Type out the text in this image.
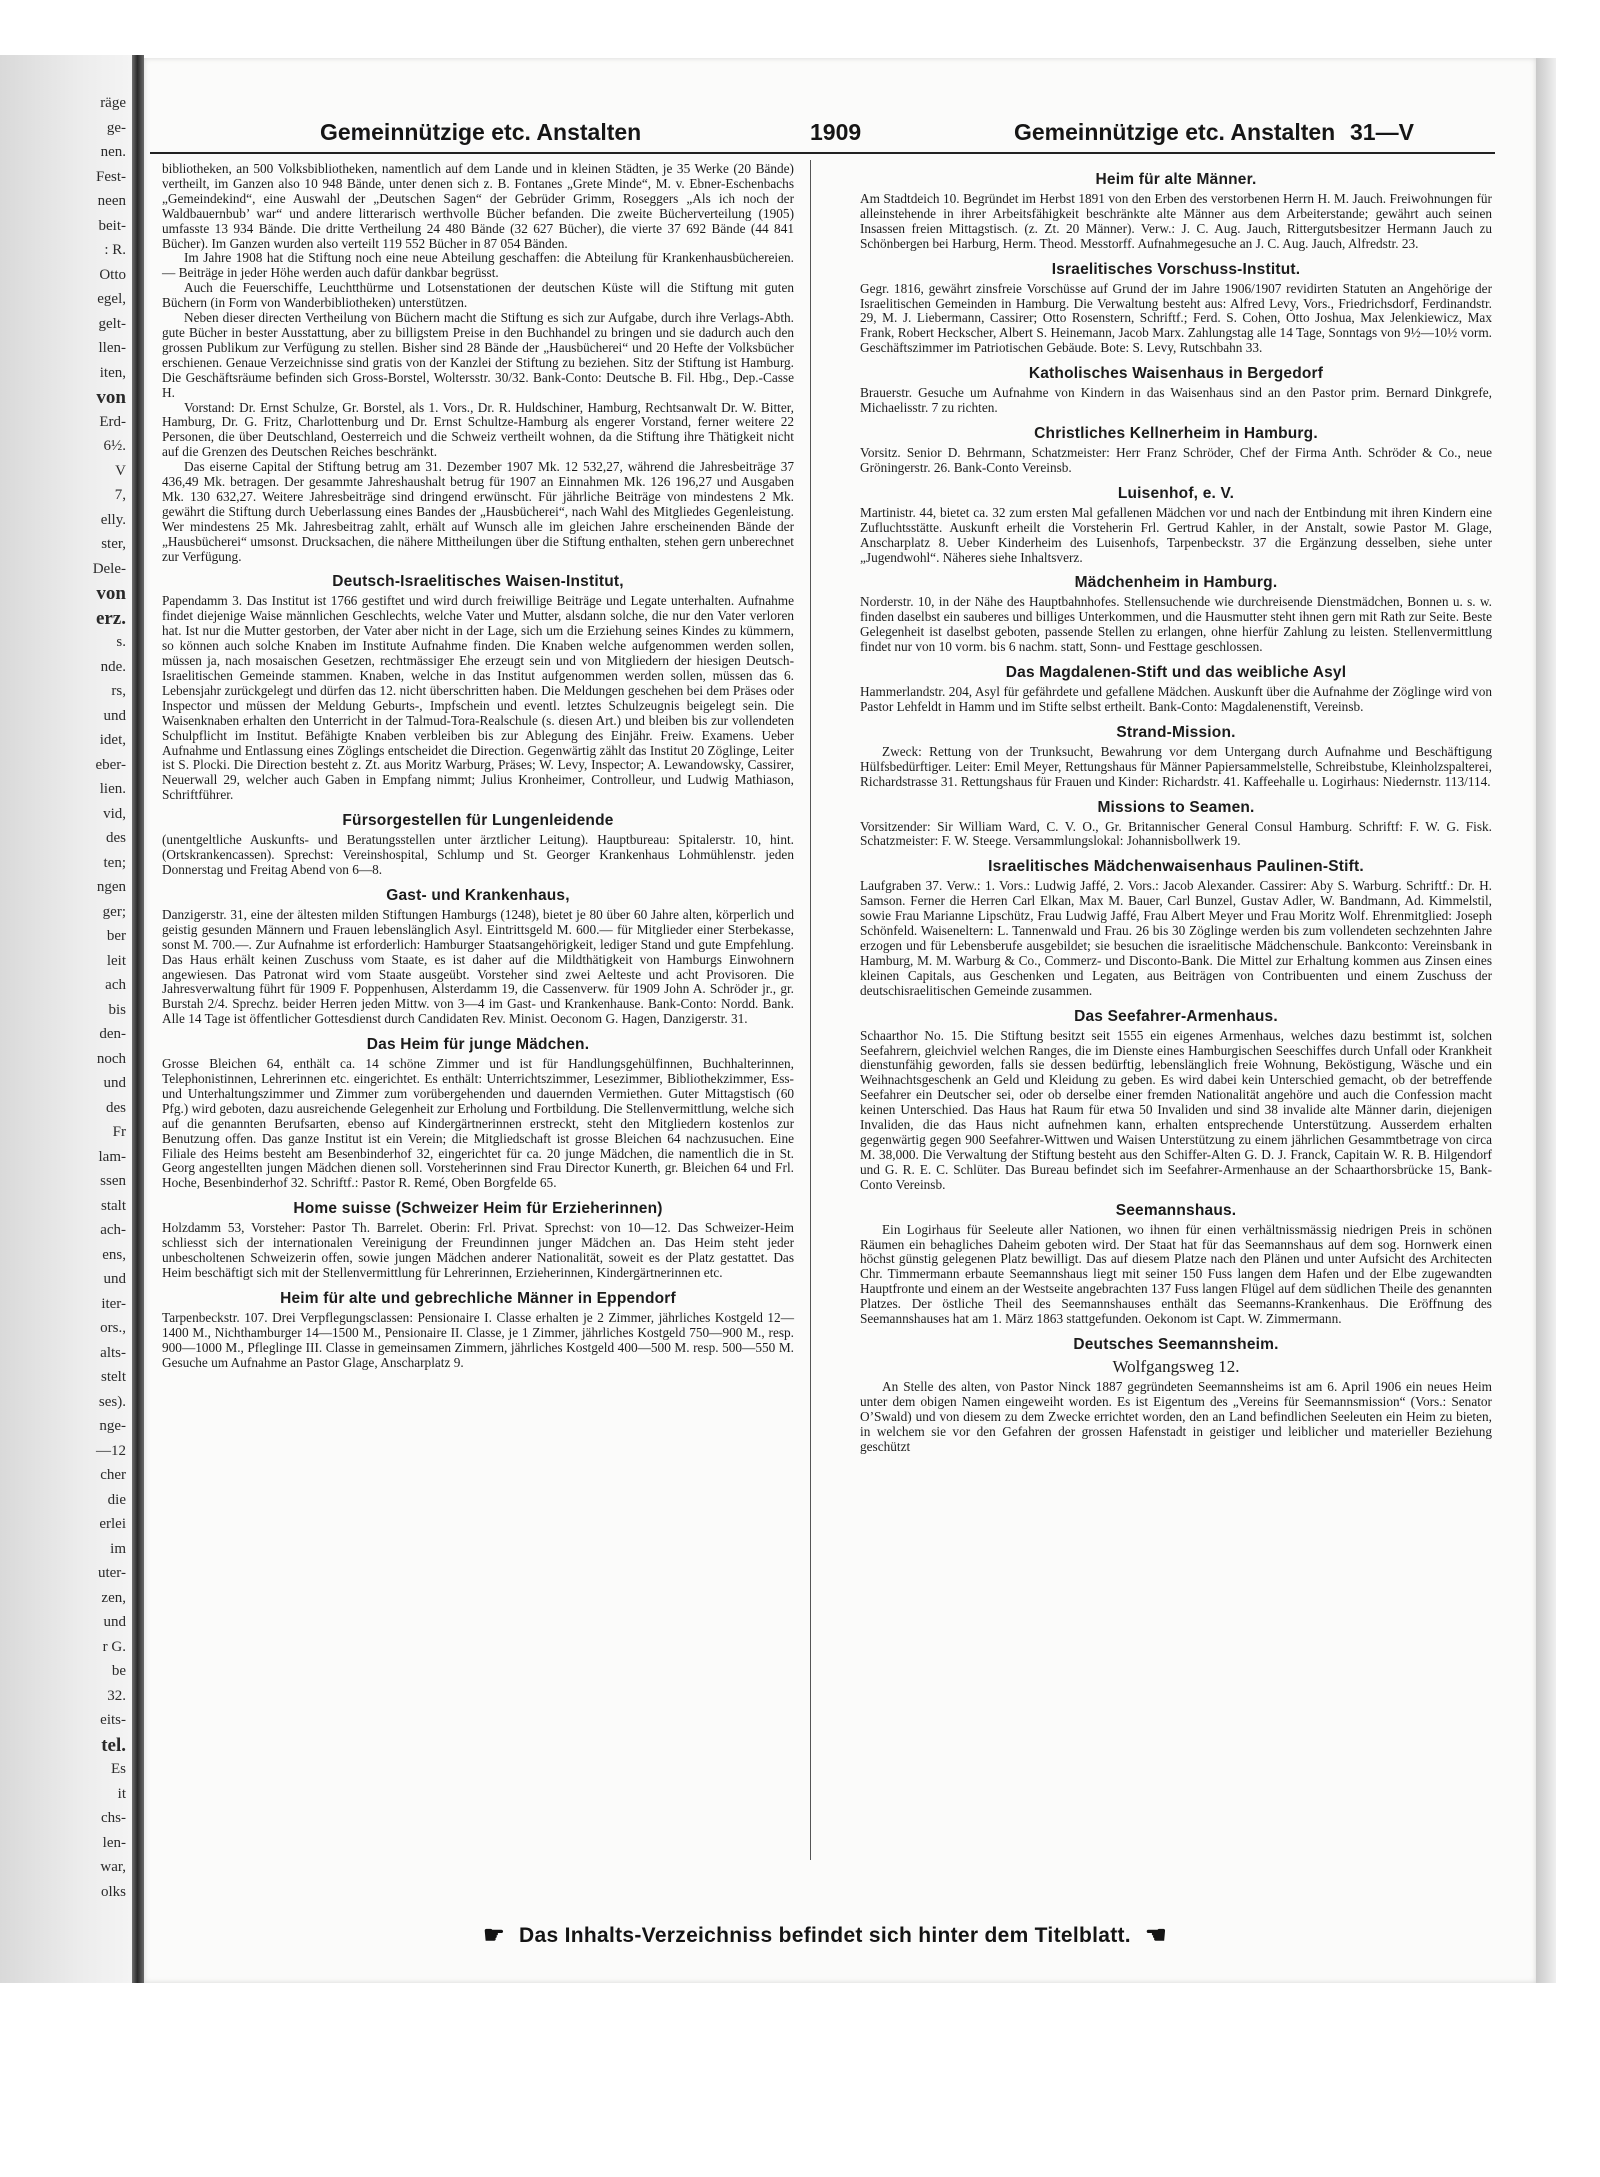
räge
ge-
nen.
Fest-
neen
beit-
: R.
Otto
egel,
gelt-
llen-
iten,
von
Erd-
6½.
V
7,
elly.
ster,
Dele-
von
erz.
s.
nde.
rs,
und
idet,
eber-
lien.
vid,
des
ten;
ngen
ger;
ber
leit
ach
bis
den-
noch
und
des
Fr
lam-
ssen
stalt
ach-
ens,
und
iter-
ors.,
alts-
stelt
ses).
nge-
—12
cher
die
erlei
im
uter-
zen,
und
r G.
be
32.
eits-
tel.
Es
it
chs-
len-
war,
olks
Gemeinnützige etc. Anstalten	1909	Gemeinnützige etc. Anstalten 31—V

bibliotheken, an 500 Volksbibliotheken, namentlich auf dem Lande und in kleinen Städten, je 35 Werke (20 Bände) vertheilt, im Ganzen also 10 948 Bände, unter denen sich z. B. Fontanes „Grete Minde“, M. v. Ebner-Eschenbachs „Gemeindekind“, eine Auswahl der „Deutschen Sagen“ der Gebrüder Grimm, Roseggers „Als ich noch der Waldbauernbub’ war“ und andere litterarisch werthvolle Bücher befanden. Die zweite Bücherverteilung (1905) umfasste 13 934 Bände. Die dritte Vertheilung 24 480 Bände (32 627 Bücher), die vierte 37 692 Bände (44 841 Bücher). Im Ganzen wurden also verteilt 119 552 Bücher in 87 054 Bänden.

Im Jahre 1908 hat die Stiftung noch eine neue Abteilung geschaffen: die Abteilung für Krankenhausbüchereien. — Beiträge in jeder Höhe werden auch dafür dankbar begrüsst.

Auch die Feuerschiffe, Leuchtthürme und Lotsenstationen der deutschen Küste will die Stiftung mit guten Büchern (in Form von Wanderbibliotheken) unterstützen.

Neben dieser directen Vertheilung von Büchern macht die Stiftung es sich zur Aufgabe, durch ihre Verlags-Abth. gute Bücher in bester Ausstattung, aber zu billigstem Preise in den Buchhandel zu bringen und sie dadurch auch den grossen Publikum zur Verfügung zu stellen. Bisher sind 28 Bände der „Hausbücherei“ und 20 Hefte der Volksbücher erschienen. Genaue Verzeichnisse sind gratis von der Kanzlei der Stiftung zu beziehen. Sitz der Stiftung ist Hamburg. Die Geschäftsräume befinden sich Gross-Borstel, Woltersstr. 30/32. Bank-Conto: Deutsche B. Fil. Hbg., Dep.-Casse H.

Vorstand: Dr. Ernst Schulze, Gr. Borstel, als 1. Vors., Dr. R. Huldschiner, Hamburg, Rechtsanwalt Dr. W. Bitter, Hamburg, Dr. G. Fritz, Charlottenburg und Dr. Ernst Schultze-Hamburg als engerer Vorstand, ferner weitere 22 Personen, die über Deutschland, Oesterreich und die Schweiz vertheilt wohnen, da die Stiftung ihre Thätigkeit nicht auf die Grenzen des Deutschen Reiches beschränkt.

Das eiserne Capital der Stiftung betrug am 31. Dezember 1907 Mk. 12 532,27, während die Jahresbeiträge 37 436,49 Mk. betragen. Der gesammte Jahreshaushalt betrug für 1907 an Einnahmen Mk. 126 196,27 und Ausgaben Mk. 130 632,27. Weitere Jahresbeiträge sind dringend erwünscht. Für jährliche Beiträge von mindestens 2 Mk. gewährt die Stiftung durch Ueberlassung eines Bandes der „Hausbücherei“, nach Wahl des Mitgliedes Gegenleistung. Wer mindestens 25 Mk. Jahresbeitrag zahlt, erhält auf Wunsch alle im gleichen Jahre erscheinenden Bände der „Hausbücherei“ umsonst. Drucksachen, die nähere Mittheilungen über die Stiftung enthalten, stehen gern unberechnet zur Verfügung.

Deutsch-Israelitisches Waisen-Institut,

Papendamm 3. Das Institut ist 1766 gestiftet und wird durch freiwillige Beiträge und Legate unterhalten. Aufnahme findet diejenige Waise männlichen Geschlechts, welche Vater und Mutter, alsdann solche, die nur den Vater verloren hat. Ist nur die Mutter gestorben, der Vater aber nicht in der Lage, sich um die Erziehung seines Kindes zu kümmern, so können auch solche Knaben im Institute Aufnahme finden. Die Knaben welche aufgenommen werden sollen, müssen ja, nach mosaischen Gesetzen, rechtmässiger Ehe erzeugt sein und von Mitgliedern der hiesigen Deutsch-Israelitischen Gemeinde stammen. Knaben, welche in das Institut aufgenommen werden sollen, müssen das 6. Lebensjahr zurückgelegt und dürfen das 12. nicht überschritten haben. Die Meldungen geschehen bei dem Präses oder Inspector und müssen der Meldung Geburts-, Impfschein und eventl. letztes Schulzeugnis beigelegt sein. Die Waisenknaben erhalten den Unterricht in der Talmud-Tora-Realschule (s. diesen Art.) und bleiben bis zur vollendeten Schulpflicht im Institut. Befähigte Knaben verbleiben bis zur Ablegung des Einjähr. Freiw. Examens. Ueber Aufnahme und Entlassung eines Zöglings entscheidet die Direction. Gegenwärtig zählt das Institut 20 Zöglinge, Leiter ist S. Plocki. Die Direction besteht z. Zt. aus Moritz Warburg, Präses; W. Levy, Inspector; A. Lewandowsky, Cassirer, Neuerwall 29, welcher auch Gaben in Empfang nimmt; Julius Kronheimer, Controlleur, und Ludwig Mathiason, Schriftführer.

Fürsorgestellen für Lungenleidende

(unentgeltliche Auskunfts- und Beratungsstellen unter ärztlicher Leitung). Hauptbureau: Spitalerstr. 10, hint. (Ortskrankencassen). Sprechst: Vereinshospital, Schlump und St. Georger Krankenhaus Lohmühlenstr. jeden Donnerstag und Freitag Abend von 6—8.

Gast- und Krankenhaus,

Danzigerstr. 31, eine der ältesten milden Stiftungen Hamburgs (1248), bietet je 80 über 60 Jahre alten, körperlich und geistig gesunden Männern und Frauen lebenslänglich Asyl. Eintrittsgeld M. 600.— für Mitglieder einer Sterbekasse, sonst M. 700.—. Zur Aufnahme ist erforderlich: Hamburger Staatsangehörigkeit, lediger Stand und gute Empfehlung. Das Haus erhält keinen Zuschuss vom Staate, es ist daher auf die Mildthätigkeit von Hamburgs Einwohnern angewiesen. Das Patronat wird vom Staate ausgeübt. Vorsteher sind zwei Aelteste und acht Provisoren. Die Jahresverwaltung führt für 1909 F. Poppenhusen, Alsterdamm 19, die Cassenverw. für 1909 John A. Schröder jr., gr. Burstah 2/4. Sprechz. beider Herren jeden Mittw. von 3—4 im Gast- und Krankenhause. Bank-Conto: Nordd. Bank. Alle 14 Tage ist öffentlicher Gottesdienst durch Candidaten Rev. Minist. Oeconom G. Hagen, Danzigerstr. 31.

Das Heim für junge Mädchen.

Grosse Bleichen 64, enthält ca. 14 schöne Zimmer und ist für Handlungsgehülfinnen, Buchhalterinnen, Telephonistinnen, Lehrerinnen etc. eingerichtet. Es enthält: Unterrichtszimmer, Lesezimmer, Bibliothekzimmer, Ess- und Unterhaltungszimmer und Zimmer zum vorübergehenden und dauernden Vermiethen. Guter Mittagstisch (60 Pfg.) wird geboten, dazu ausreichende Gelegenheit zur Erholung und Fortbildung. Die Stellenvermittlung, welche sich auf die genannten Berufsarten, ebenso auf Kindergärtnerinnen erstreckt, steht den Mitgliedern kostenlos zur Benutzung offen. Das ganze Institut ist ein Verein; die Mitgliedschaft ist grosse Bleichen 64 nachzusuchen. Eine Filiale des Heims besteht am Besenbinderhof 32, eingerichtet für ca. 20 junge Mädchen, die namentlich die in St. Georg angestellten jungen Mädchen dienen soll. Vorsteherinnen sind Frau Director Kunerth, gr. Bleichen 64 und Frl. Hoche, Besenbinderhof 32. Schriftf.: Pastor R. Remé, Oben Borgfelde 65.

Home suisse (Schweizer Heim für Erzieherinnen)

Holzdamm 53, Vorsteher: Pastor Th. Barrelet. Oberin: Frl. Privat. Sprechst: von 10—12. Das Schweizer-Heim schliesst sich der internationalen Vereinigung der Freundinnen junger Mädchen an. Das Heim steht jeder unbescholtenen Schweizerin offen, sowie jungen Mädchen anderer Nationalität, soweit es der Platz gestattet. Das Heim beschäftigt sich mit der Stellenvermittlung für Lehrerinnen, Erzieherinnen, Kindergärtnerinnen etc.

Heim für alte und gebrechliche Männer in Eppendorf

Tarpenbeckstr. 107. Drei Verpflegungsclassen: Pensionaire I. Classe erhalten je 2 Zimmer, jährliches Kostgeld 12—1400 M., Nichthamburger 14—1500 M., Pensionaire II. Classe, je 1 Zimmer, jährliches Kostgeld 750—900 M., resp. 900—1000 M., Pfleglinge III. Classe in gemeinsamen Zimmern, jährliches Kostgeld 400—500 M. resp. 500—550 M. Gesuche um Aufnahme an Pastor Glage, Anscharplatz 9.

Heim für alte Männer.

Am Stadtdeich 10. Begründet im Herbst 1891 von den Erben des verstorbenen Herrn H. M. Jauch. Freiwohnungen für alleinstehende in ihrer Arbeitsfähigkeit beschränkte alte Männer aus dem Arbeiterstande; gewährt auch seinen Insassen freien Mittagstisch. (z. Zt. 20 Männer). Verw.: J. C. Aug. Jauch, Rittergutsbesitzer Hermann Jauch zu Schönbergen bei Harburg, Herm. Theod. Messtorff. Aufnahmegesuche an J. C. Aug. Jauch, Alfredstr. 23.

Israelitisches Vorschuss-Institut.

Gegr. 1816, gewährt zinsfreie Vorschüsse auf Grund der im Jahre 1906/1907 revidirten Statuten an Angehörige der Israelitischen Gemeinden in Hamburg. Die Verwaltung besteht aus: Alfred Levy, Vors., Friedrichsdorf, Ferdinandstr. 29, M. J. Liebermann, Cassirer; Otto Rosenstern, Schriftf.; Ferd. S. Cohen, Otto Joshua, Max Jelenkiewicz, Max Frank, Robert Heckscher, Albert S. Heinemann, Jacob Marx. Zahlungstag alle 14 Tage, Sonntags von 9½—10½ vorm. Geschäftszimmer im Patriotischen Gebäude. Bote: S. Levy, Rutschbahn 33.

Katholisches Waisenhaus in Bergedorf

Brauerstr. Gesuche um Aufnahme von Kindern in das Waisenhaus sind an den Pastor prim. Bernard Dinkgrefe, Michaelisstr. 7 zu richten.

Christliches Kellnerheim in Hamburg.

Vorsitz. Senior D. Behrmann, Schatzmeister: Herr Franz Schröder, Chef der Firma Anth. Schröder & Co., neue Gröningerstr. 26. Bank-Conto Vereinsb.

Luisenhof, e. V.

Martinistr. 44, bietet ca. 32 zum ersten Mal gefallenen Mädchen vor und nach der Entbindung mit ihren Kindern eine Zufluchtsstätte. Auskunft erheilt die Vorsteherin Frl. Gertrud Kahler, in der Anstalt, sowie Pastor M. Glage, Anscharplatz 8. Ueber Kinderheim des Luisenhofs, Tarpenbeckstr. 37 die Ergänzung desselben, siehe unter „Jugendwohl“. Näheres siehe Inhaltsverz.

Mädchenheim in Hamburg.

Norderstr. 10, in der Nähe des Hauptbahnhofes. Stellensuchende wie durchreisende Dienstmädchen, Bonnen u. s. w. finden daselbst ein sauberes und billiges Unterkommen, und die Hausmutter steht ihnen gern mit Rath zur Seite. Beste Gelegenheit ist daselbst geboten, passende Stellen zu erlangen, ohne hierfür Zahlung zu leisten. Stellenvermittlung findet nur von 10 vorm. bis 6 nachm. statt, Sonn- und Festtage geschlossen.

Das Magdalenen-Stift und das weibliche Asyl

Hammerlandstr. 204, Asyl für gefährdete und gefallene Mädchen. Auskunft über die Aufnahme der Zöglinge wird von Pastor Lehfeldt in Hamm und im Stifte selbst ertheilt. Bank-Conto: Magdalenenstift, Vereinsb.

Strand-Mission.

Zweck: Rettung von der Trunksucht, Bewahrung vor dem Untergang durch Aufnahme und Beschäftigung Hülfsbedürftiger. Leiter: Emil Meyer, Rettungshaus für Männer Papiersammelstelle, Schreibstube, Kleinholzspalterei, Richardstrasse 31. Rettungshaus für Frauen und Kinder: Richardstr. 41. Kaffeehalle u. Logirhaus: Niedernstr. 113/114.

Missions to Seamen.

Vorsitzender: Sir William Ward, C. V. O., Gr. Britannischer General Consul Hamburg. Schriftf: F. W. G. Fisk. Schatzmeister: F. W. Steege. Versammlungslokal: Johannisbollwerk 19.

Israelitisches Mädchenwaisenhaus Paulinen-Stift.

Laufgraben 37. Verw.: 1. Vors.: Ludwig Jaffé, 2. Vors.: Jacob Alexander. Cassirer: Aby S. Warburg. Schriftf.: Dr. H. Samson. Ferner die Herren Carl Elkan, Max M. Bauer, Carl Bunzel, Gustav Adler, W. Bandmann, Ad. Kimmelstil, sowie Frau Marianne Lipschütz, Frau Ludwig Jaffé, Frau Albert Meyer und Frau Moritz Wolf. Ehrenmitglied: Joseph Schönfeld. Waiseneltern: L. Tannenwald und Frau. 26 bis 30 Zöglinge werden bis zum vollendeten sechzehnten Jahre erzogen und für Lebensberufe ausgebildet; sie besuchen die israelitische Mädchenschule. Bankconto: Vereinsbank in Hamburg, M. M. Warburg & Co., Commerz- und Disconto-Bank. Die Mittel zur Erhaltung kommen aus Zinsen eines kleinen Capitals, aus Geschenken und Legaten, aus Beiträgen von Contribuenten und einem Zuschuss der deutschisraelitischen Gemeinde zusammen.

Das Seefahrer-Armenhaus.

Schaarthor No. 15. Die Stiftung besitzt seit 1555 ein eigenes Armenhaus, welches dazu bestimmt ist, solchen Seefahrern, gleichviel welchen Ranges, die im Dienste eines Hamburgischen Seeschiffes durch Unfall oder Krankheit dienstunfähig geworden, falls sie dessen bedürftig, lebenslänglich freie Wohnung, Beköstigung, Wäsche und ein Weihnachtsgeschenk an Geld und Kleidung zu geben. Es wird dabei kein Unterschied gemacht, ob der betreffende Seefahrer ein Deutscher sei, oder ob derselbe einer fremden Nationalität angehöre und auch die Confession macht keinen Unterschied. Das Haus hat Raum für etwa 50 Invaliden und sind 38 invalide alte Männer darin, diejenigen Invaliden, die das Haus nicht aufnehmen kann, erhalten entsprechende Unterstützung. Ausserdem erhalten gegenwärtig gegen 900 Seefahrer-Wittwen und Waisen Unterstützung zu einem jährlichen Gesammtbetrage von circa M. 38,000. Die Verwaltung der Stiftung besteht aus den Schiffer-Alten G. D. J. Franck, Capitain W. R. B. Hilgendorf und G. R. E. C. Schlüter. Das Bureau befindet sich im Seefahrer-Armenhause an der Schaarthorsbrücke 15, Bank-Conto Vereinsb.

Seemannshaus.

Ein Logirhaus für Seeleute aller Nationen, wo ihnen für einen verhältnissmässig niedrigen Preis in schönen Räumen ein behagliches Daheim geboten wird. Der Staat hat für das Seemannshaus auf dem sog. Hornwerk einen höchst günstig gelegenen Platz bewilligt. Das auf diesem Platze nach den Plänen und unter Aufsicht des Architecten Chr. Timmermann erbaute Seemannshaus liegt mit seiner 150 Fuss langen dem Hafen und der Elbe zugewandten Hauptfronte und einem an der Westseite angebrachten 137 Fuss langen Flügel auf dem südlichen Theile des genannten Platzes. Der östliche Theil des Seemannshauses enthält das Seemanns-Krankenhaus. Die Eröffnung des Seemannshauses hat am 1. März 1863 stattgefunden. Oekonom ist Capt. W. Zimmermann.

Deutsches Seemannsheim.
Wolfgangsweg 12.

An Stelle des alten, von Pastor Ninck 1887 gegründeten Seemannsheims ist am 6. April 1906 ein neues Heim unter dem obigen Namen eingeweiht worden. Es ist Eigentum des „Vereins für Seemannsmission“ (Vors.: Senator O’Swald) und von diesem zu dem Zwecke errichtet worden, den an Land befindlichen Seeleuten ein Heim zu bieten, in welchem sie vor den Gefahren der grossen Hafenstadt in geistiger und leiblicher und materieller Beziehung geschützt

☛ Das Inhalts-Verzeichniss befindet sich hinter dem Titelblatt. ☚
